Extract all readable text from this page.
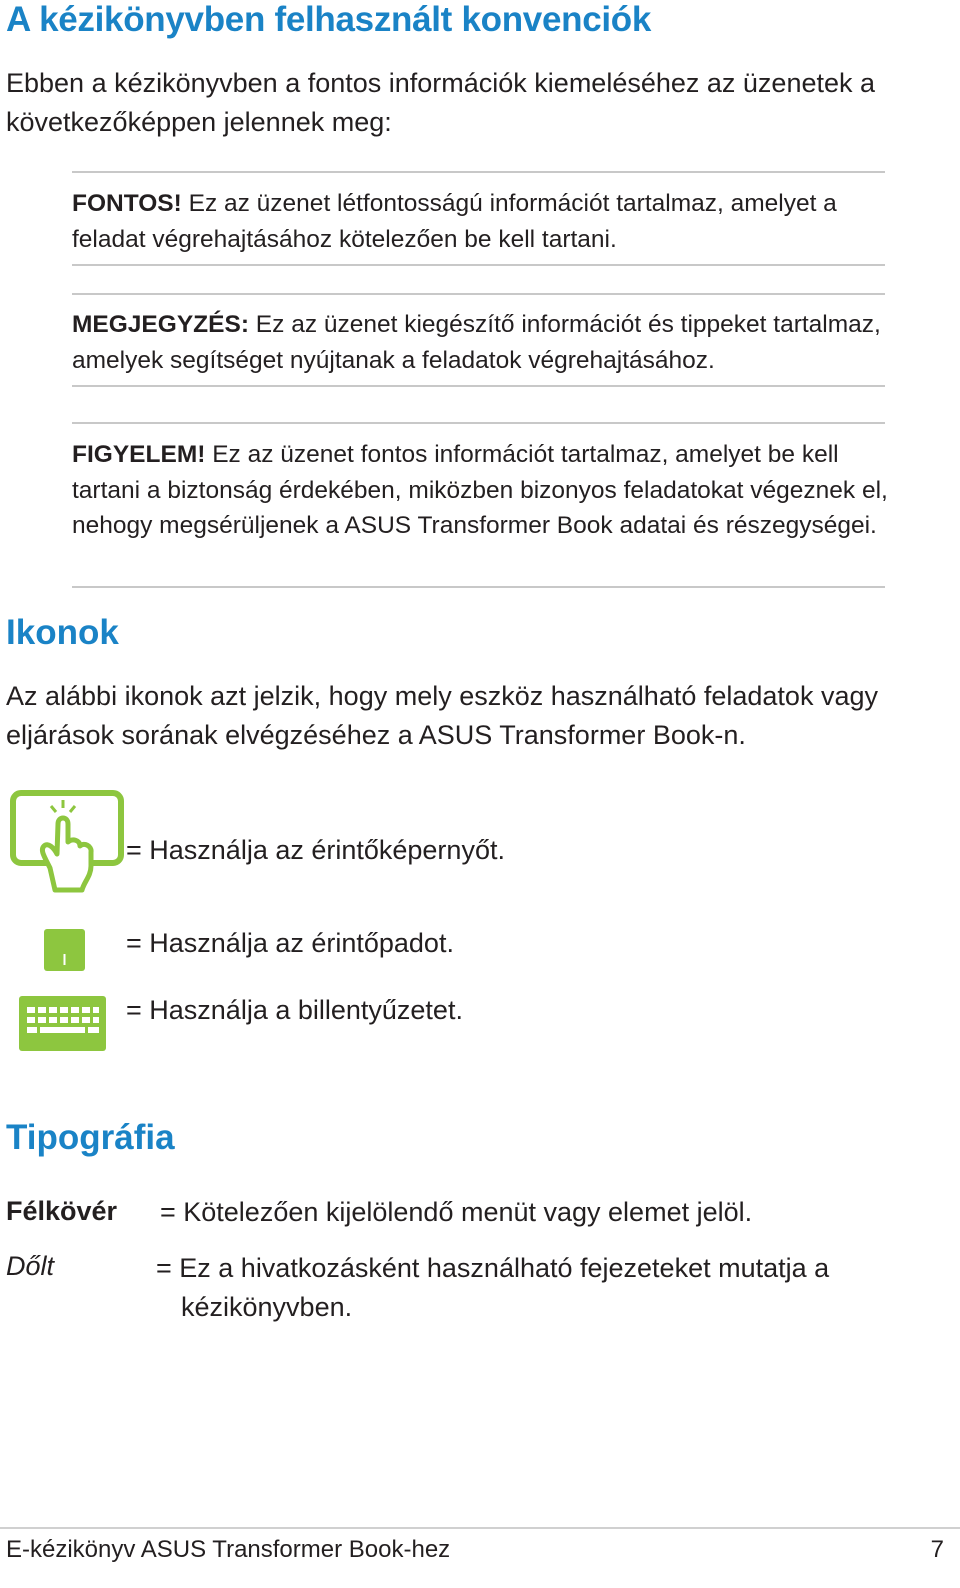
A kézikönyvben felhasznált konvenciók
Ebben a kézikönyvben a fontos információk kiemeléséhez az üzenetek a következőképpen jelennek meg:
FONTOS! Ez az üzenet létfontosságú információt tartalmaz, amelyet a feladat végrehajtásához kötelezően be kell tartani.
MEGJEGYZÉS: Ez az üzenet kiegészítő információt és tippeket tartalmaz, amelyek segítséget nyújtanak a feladatok végrehajtásához.
FIGYELEM! Ez az üzenet fontos információt tartalmaz, amelyet be kell tartani a biztonság érdekében, miközben bizonyos feladatokat végeznek el, nehogy megsérüljenek a ASUS Transformer Book adatai és részegységei.
Ikonok
Az alábbi ikonok azt jelzik, hogy mely eszköz használható feladatok vagy eljárások sorának elvégzéséhez a ASUS Transformer Book-n.
= Használja az érintőképernyőt.
= Használja az érintőpadot.
= Használja a billentyűzetet.
Tipográfia
Félkövér = Kötelezően kijelölendő menüt vagy elemet jelöl.
Dőlt	= Ez a hivatkozásként használható fejezeteket mutatja a kézikönyvben.
E-kézikönyv ASUS Transformer Book-hez	7
